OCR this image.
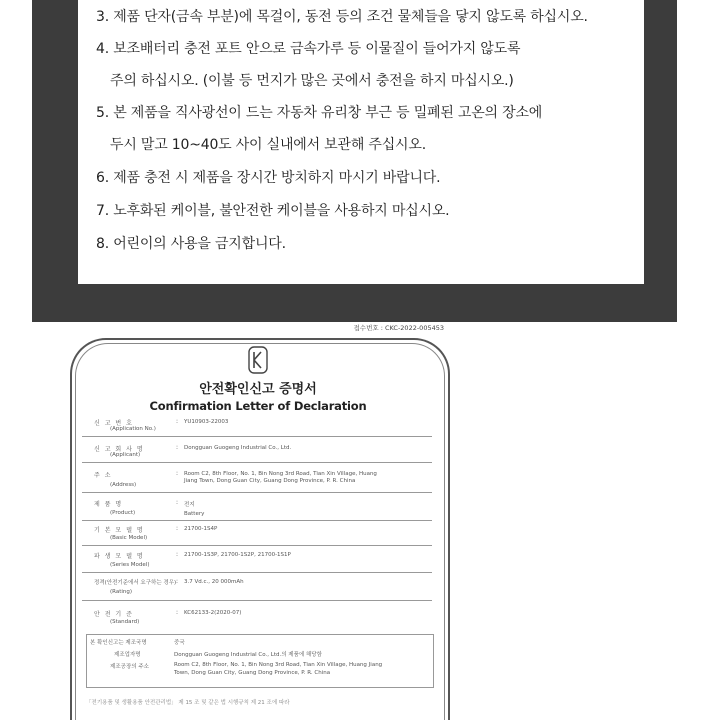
3. 제품 단자(금속 부분)에 목걸이, 동전 등의 조건 물체들을 닿지 않도록 하십시오.
4. 보조배터리 충전 포트 안으로 금속가루 등 이물질이 들어가지 않도록
주의 하십시오. (이불 등 먼지가 많은 곳에서 충전을 하지 마십시오.)
5. 본 제품을 직사광선이 드는 자동차 유리창 부근 등 밀폐된 고온의 장소에
두시 말고 10~40도 사이 실내에서 보관해 주십시오.
6. 제품 충전 시 제품을 장시간 방치하지 마시기 바랍니다.
7. 노후화된 케이블, 불안전한 케이블을 사용하지 마십시오.
8. 어린이의 사용을 금지합니다.
접수번호 : CKC-2022-005453
안전확인신고 증명서
Confirmation Letter of Declaration
신 고 번 호
(Application No.)
: YU10903-22003
신 고 회 사 명
(Applicant)
: Dongguan Guogeng Industrial Co., Ltd.
주 소
(Address)
: Room C2, 8th Floor, No. 1, Bin Nong 3rd Road, Tian Xin Village, Huang
Jiang Town, Dong Guan City, Guang Dong Province, P. R. China
제 품 명
(Product)
: 전지
Battery
기 본 모 델 명
(Basic Model)
: 21700-1S4P
파 생 모 델 명
(Series Model)
: 21700-1S3P, 21700-1S2P, 21700-1S1P
정격(안전기준에서 요구하는 경우)
(Rating)
: 3.7 Vd.c., 20 000mAh
안 전 기 준
(Standard)
: KC62133-2(2020-07)
본 확인신고는 제조국명	중국
제조업자명	Dongguan Guogeng Industrial Co., Ltd.의 제품에 해당함
제조공장의 주소	Room C2, 8th Floor, No. 1, Bin Nong 3rd Road, Tian Xin Village, Huang Jiang
Town, Dong Guan City, Guang Dong Province, P. R. China
「전기용품 및 생활용품 안전관리법」 제 15 조 및 같은 법 시행규칙 제 21 조에 따라
